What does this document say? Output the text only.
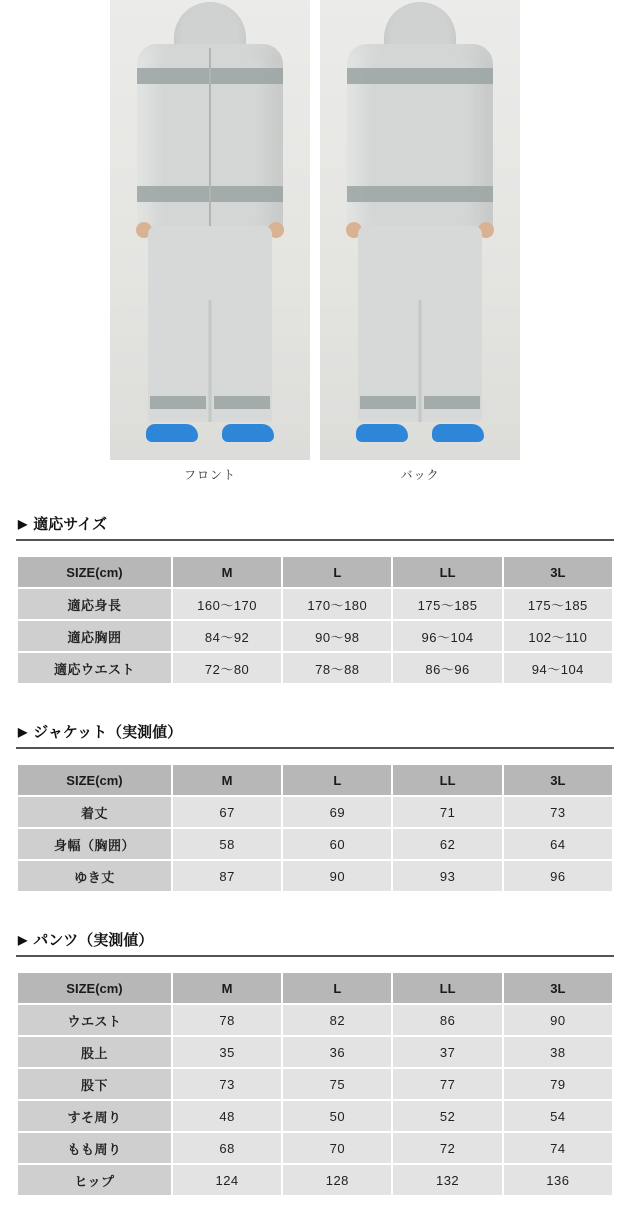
フロント	バック
▶ 適応サイズ
SIZE(cm)	M	L	LL	3L
適応身長	160〜170	170〜180	175〜185	175〜185
適応胸囲	84〜92	90〜98	96〜104	102〜110
適応ウエスト	72〜80	78〜88	86〜96	94〜104
▶ ジャケット（実測値）
SIZE(cm)	M	L	LL	3L
着丈	67	69	71	73
身幅（胸囲）	58	60	62	64
ゆき丈	87	90	93	96
▶ パンツ（実測値）
SIZE(cm)	M	L	LL	3L
ウエスト	78	82	86	90
股上	35	36	37	38
股下	73	75	77	79
すそ周り	48	50	52	54
もも周り	68	70	72	74
ヒップ	124	128	132	136
